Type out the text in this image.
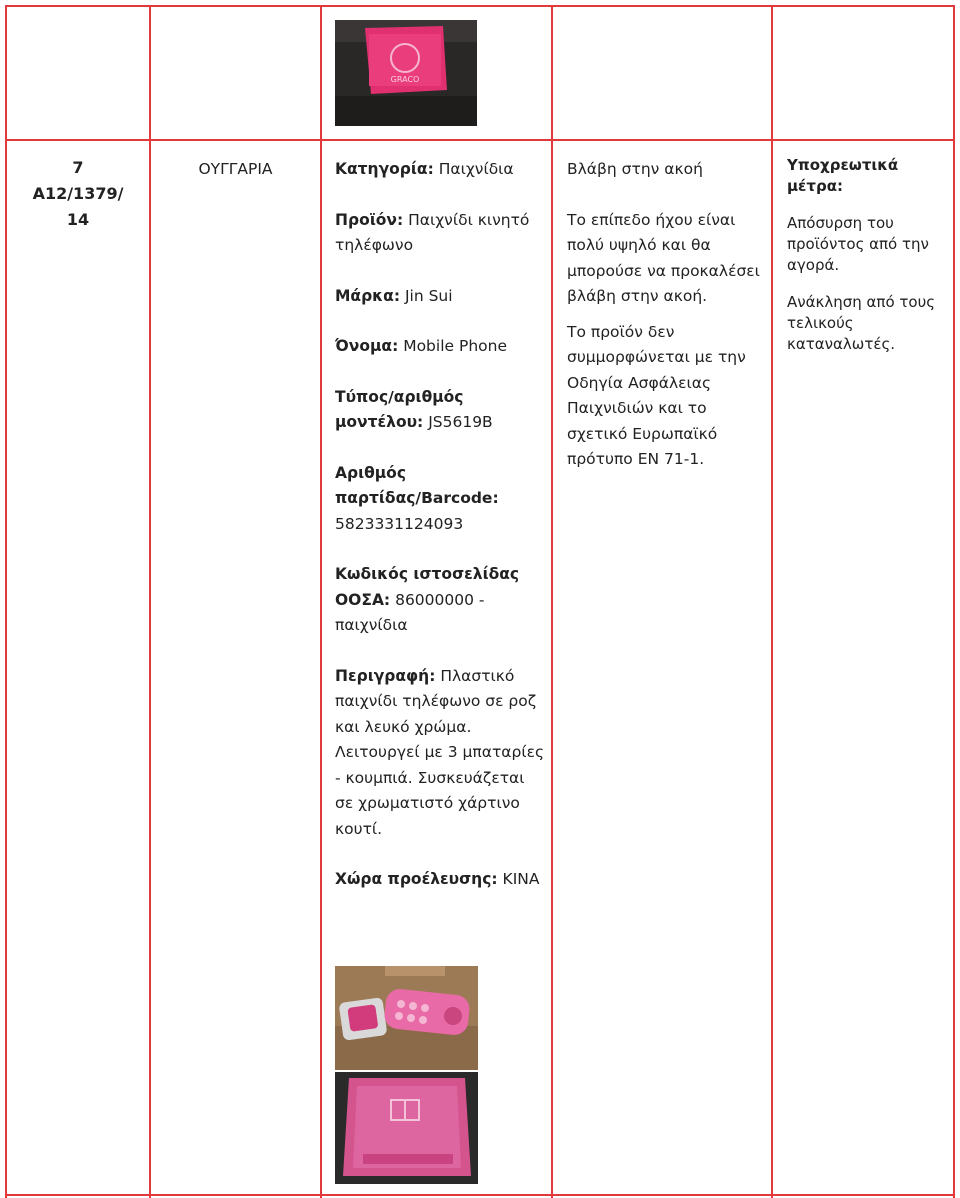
GRACO
7
A12/1379/
14
ΟΥΓΓΑΡΙΑ	Κατηγορία: Παιχνίδια

Προϊόν: Παιχνίδι κινητό τηλέφωνο

Μάρκα: Jin Sui

Όνομα: Mobile Phone

Τύπος/αριθμός μοντέλου: JS5619B

Αριθμός παρτίδας/Barcode: 5823331124093

Κωδικός ιστοσελίδας ΟΟΣΑ: 86000000 - παιχνίδια

Περιγραφή: Πλαστικό παιχνίδι τηλέφωνο σε ροζ και λευκό χρώμα. Λειτουργεί με 3 μπαταρίες - κουμπιά. Συσκευάζεται σε χρωματιστό χάρτινο κουτί.

Χώρα προέλευσης: ΚΙΝΑ

Βλάβη στην ακοή

Το επίπεδο ήχου είναι πολύ υψηλό και θα μπορούσε να προκαλέσει βλάβη στην ακοή.

Το προϊόν δεν συμμορφώνεται με την Οδηγία Ασφάλειας Παιχνιδιών και το σχετικό Ευρωπαϊκό πρότυπο EN 71-1.

Υποχρεωτικά μέτρα:

Απόσυρση του προϊόντος από την αγορά.

Ανάκληση από τους τελικούς καταναλωτές.
